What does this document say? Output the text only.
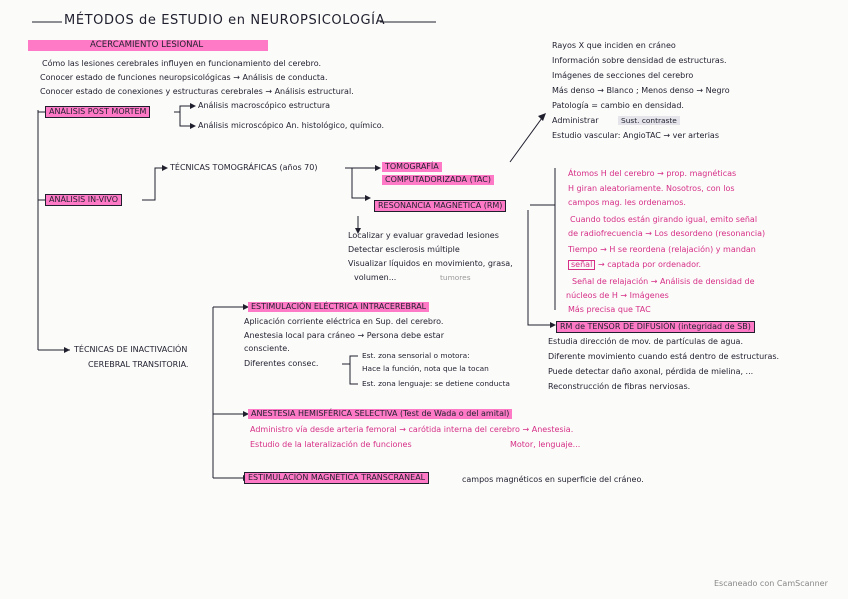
MÉTODOS de ESTUDIO en NEUROPSICOLOGÍA
ACERCAMIENTO LESIONAL
Cómo las lesiones cerebrales influyen en funcionamiento del cerebro.
Conocer estado de funciones neuropsicológicas → Análisis de conducta.
Conocer estado de conexiones y estructuras cerebrales → Análisis estructural.
ANÁLISIS POST MORTEM
Análisis macroscópico estructura
Análisis microscópico An. histológico, químico.
Rayos X que inciden en cráneo
Información sobre densidad de estructuras.
Imágenes de secciones del cerebro
Más denso → Blanco ; Menos denso → Negro
Patología = cambio en densidad.
Administrar	Sust. contraste
Estudio vascular: AngioTAC → ver arterias
ANÁLISIS IN-VIVO
TÉCNICAS TOMOGRÁFICAS (años 70)	TOMOGRAFÍA
COMPUTADORIZADA (TAC)
RESONANCIA MAGNÉTICA (RM)
Localizar y evaluar gravedad lesiones
Detectar esclerosis múltiple
Visualizar líquidos en movimiento, grasa,
volumen...	tumores
Átomos H del cerebro → prop. magnéticas
H giran aleatoriamente. Nosotros, con los
campos mag. les ordenamos.
Cuando todos están girando igual, emito señal
de radiofrecuencia → Los desordeno (resonancia)
Tiempo → H se reordena (relajación) y mandan
señal → captada por ordenador.
Señal de relajación → Análisis de densidad de
núcleos de H → Imágenes
Más precisa que TAC
RM de TENSOR DE DIFUSIÓN (integridad de SB)
Estudia dirección de mov. de partículas de agua.
Diferente movimiento cuando está dentro de estructuras.
Puede detectar daño axonal, pérdida de mielina, ...
Reconstrucción de fibras nerviosas.
TÉCNICAS DE INACTIVACIÓN
CEREBRAL TRANSITORIA.
ESTIMULACIÓN ELÉCTRICA INTRACEREBRAL
Aplicación corriente eléctrica en Sup. del cerebro.
Anestesia local para cráneo → Persona debe estar
consciente.
Diferentes consec.
Est. zona sensorial o motora:
Hace la función, nota que la tocan
Est. zona lenguaje: se detiene conducta
ANESTESIA HEMISFÉRICA SELECTIVA (Test de Wada o del amital)
Administro vía desde arteria femoral → carótida interna del cerebro → Anestesia.
Estudio de la lateralización de funciones	Motor, lenguaje...
ESTIMULACIÓN MAGNÉTICA TRANSCRANEAL	campos magnéticos en superficie del cráneo.
Escaneado con CamScanner
